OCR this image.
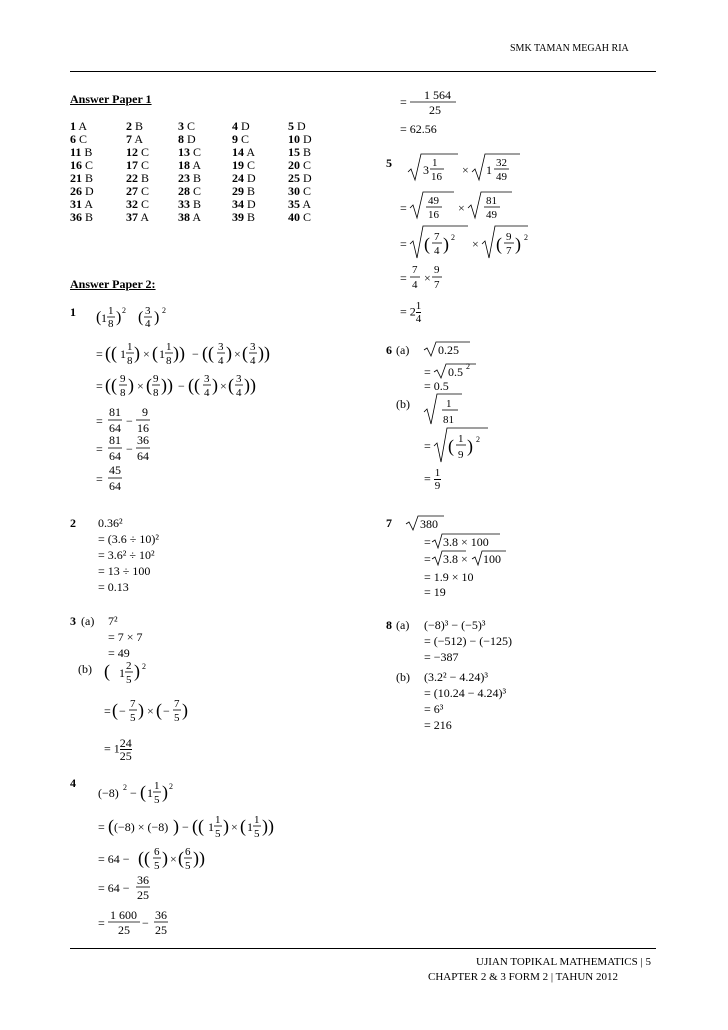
SMK TAMAN MEGAH RIA
Answer Paper 1
1 A	2 B	3 C	4 D	5 D
6 C	7 A	8 D	9 C	10 D
11 B	12 C	13 C	14 A	15 B
16 C	17 C	18 A	19 C	20 C
21 B	22 B	23 B	24 D	25 D
26 D	27 C	28 C	29 B	30 C
31 A	32 C	33 B	34 D	35 A
36 B	37 A	38 A	39 B	40 C
Answer Paper 2:
1
2
3 (a)
(b)
4
( 1 1
8 ) 2 ( 3
4 ) 2
= (( 1 1
8 ) × ( 1 1
8 )) − (( 3
4 ) × ( 3
4 ))
= (( 9
8 ) × ( 9
8 )) − (( 3
4 ) × ( 3
4 ))
=
81
64 −
9
16
=
81
64 −
36
64
=
45
64
0.36²
= (3.6 ÷ 10)²
= 3.6² ÷ 10²
= 13 ÷ 100
= 0.13
7²
= 7 × 7
= 49
( 1 2
5 ) 2
= ( − 7
5 ) × ( − 7
5 )
= $1 \frac{24}{25}$
(−8) 2 − ( 1 1
5 ) 2
= ( (−8) × (−8) ) − (( 1 1
5 ) × ( 1 1
5 ))
= 64 − (( 6
5 ) × ( 6
5 ))
= 64 −
36
25
=
1 600
25 −
36
25
= 1 564
25
= 62.56
5	3 1
16 × 1 32
49
= 49
16 × 81
49
= ( 7
4 ) 2 × ( 9
7 ) 2
=
7
4 ×
9
7
= $2 \frac{1}{4}$
6 (a)
(b)
0.25
= 0.5 2
= 0.5
1
81
= ( 1
9 ) 2
= $\frac{1}{9}$
7 380
= 3.8 × 100
= 3.8 × 100
= 1.9 × 10
= 19
8 (a)
(b)
(−8)³ − (−5)³
= (−512) − (−125)
= −387
(3.2² − 4.24)³
= (10.24 − 4.24)³
= 6³
= 216
UJIAN TOPIKAL MATHEMATICS | 5
CHAPTER 2 & 3 FORM 2 | TAHUN 2012
